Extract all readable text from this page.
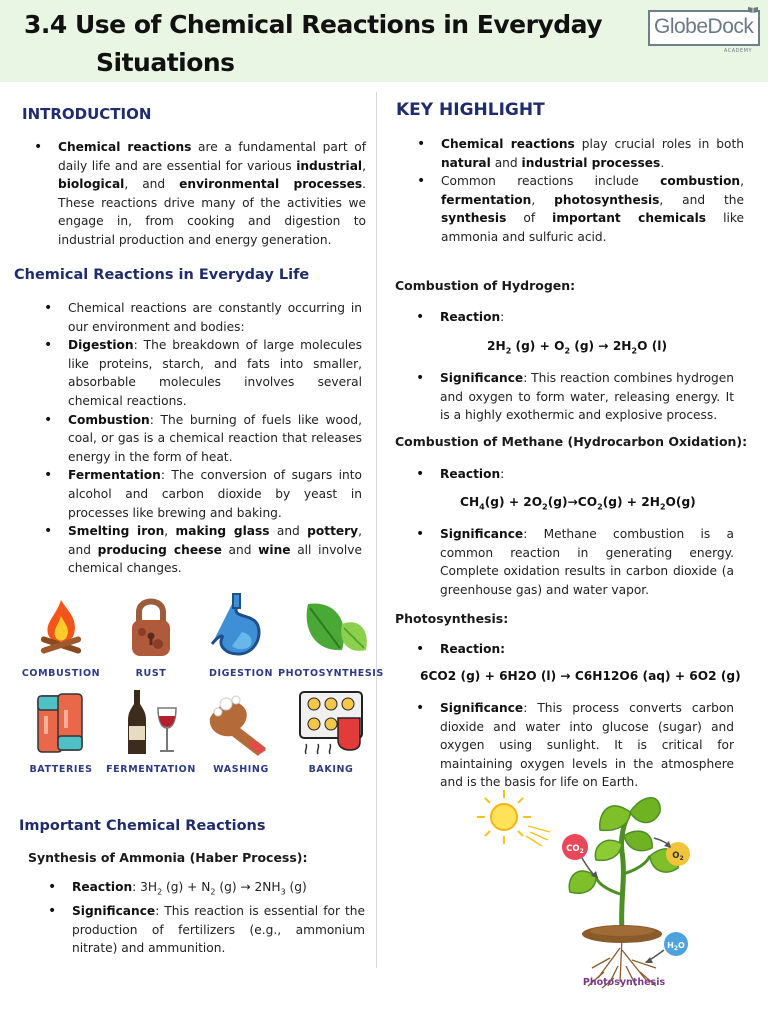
3.4 Use of Chemical Reactions in Everyday
Situations
GlobeDock
ACADEMY
INTRODUCTION
• Chemical reactions are a fundamental part of daily life and are essential for various industrial, biological, and environmental processes. These reactions drive many of the activities we engage in, from cooking and digestion to industrial production and energy generation.
Chemical Reactions in Everyday Life
• Chemical reactions are constantly occurring in our environment and bodies:
• Digestion: The breakdown of large molecules like proteins, starch, and fats into smaller, absorbable molecules involves several chemical reactions.
• Combustion: The burning of fuels like wood, coal, or gas is a chemical reaction that releases energy in the form of heat.
• Fermentation: The conversion of sugars into alcohol and carbon dioxide by yeast in processes like brewing and baking.
• Smelting iron, making glass and pottery, and producing cheese and wine all involve chemical changes.
COMBUSTION	RUST	DIGESTION PHOTOSYNTHESIS
BATTERIES	FERMENTATION	WASHING	BAKING
Important Chemical Reactions
Synthesis of Ammonia (Haber Process):
• Reaction: $3H_2$ $(g) + N_2$ $(g) \to 2NH_3$ (g)
• Significance: This reaction is essential for the production of fertilizers (e.g., ammonium nitrate) and ammunition.
KEY HIGHLIGHT
• Chemical reactions play crucial roles in both natural and industrial processes.
• Common reactions include combustion, fermentation, photosynthesis, and the synthesis of important chemicals like ammonia and sulfuric acid.
Combustion of Hydrogen:
• Reaction:
$2H_2$ $(g) + O_2$ $(g) \to 2H_2O$ (l)
• Significance: This reaction combines hydrogen and oxygen to form water, releasing energy. It is a highly exothermic and explosive process.
Combustion of Methane (Hydrocarbon Oxidation):
• Reaction:
$CH_4(g) + 2O_2(g)\to CO_2(g) + 2H_2O(g)$
• Significance: Methane combustion is a common reaction in generating energy. Complete oxidation results in carbon dioxide (a greenhouse gas) and water vapor.
Photosynthesis:
• Reaction:
6CO2 (g) + 6H2O (l) → C6H12O6 (aq) + 6O2 (g)
• Significance: This process converts carbon dioxide and water into glucose (sugar) and oxygen using sunlight. It is critical for maintaining oxygen levels in the atmosphere and is the basis for life on Earth.
$CO_2$	$O_2$
$H_2O$
Photosynthesis
